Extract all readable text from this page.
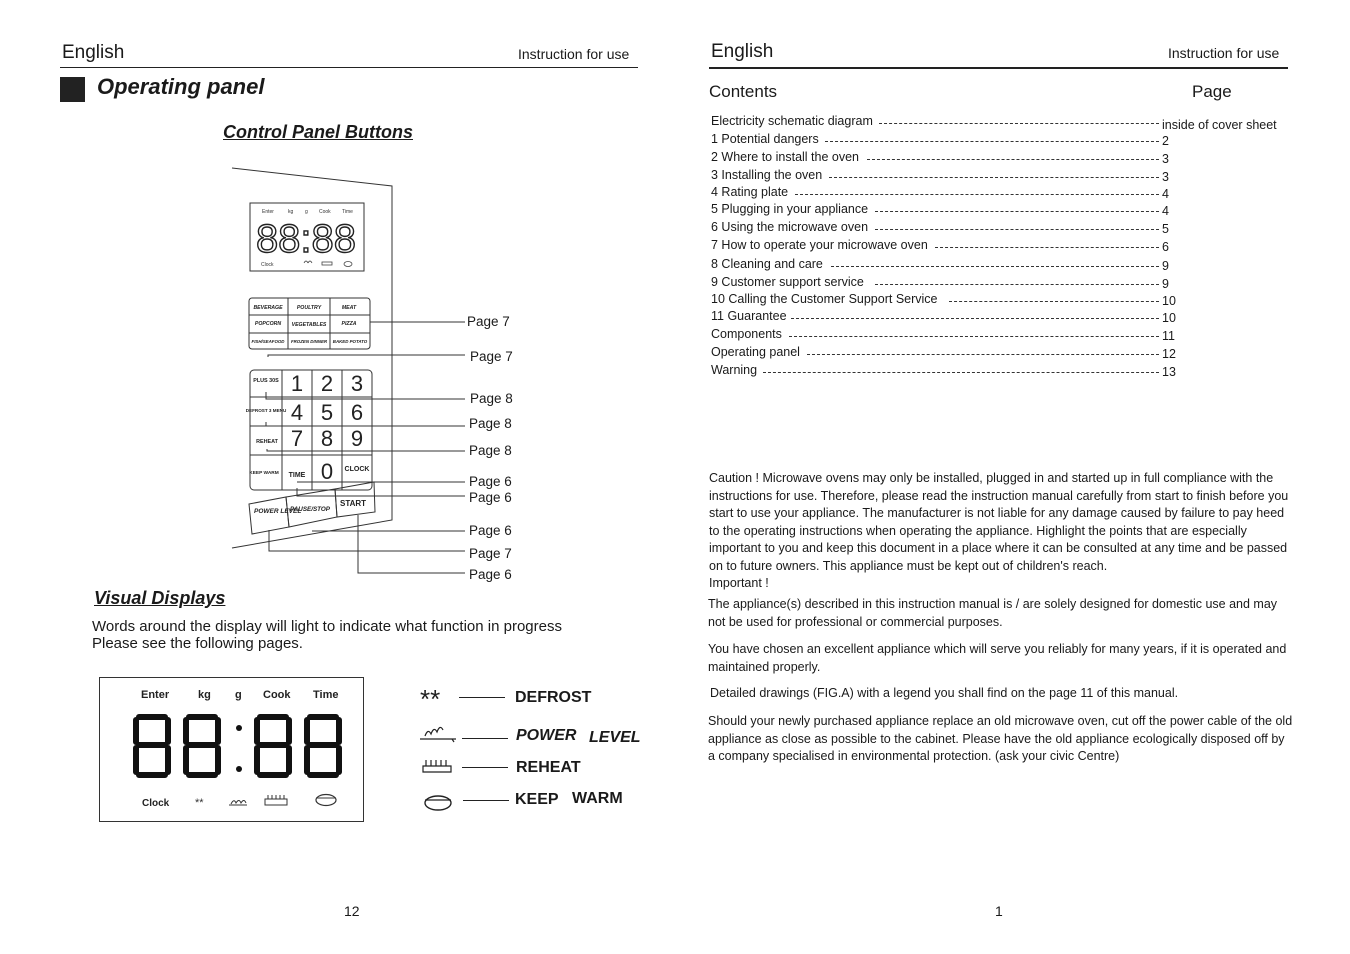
English	Instruction for use
Operating panel
Control Panel Buttons
Enter	kg g Cook Time
88:88
Clock
BEVERAGE	POULTRY	MEAT
POPCORN VEGETABLES	PIZZA
FISH/SEAFOOD FROZEN DINNER BAKED POTATO
PLUS 30S
DEFROST 3 MENU
REHEAT
KEEP WARM
1 2 3
4 5 6
7 8 9
0
TIME
CLOCK
POWER LEVEL
PAUSE/STOP
START
Page 7
Page 7
Page 8
Page 8
Page 8
Page 6
Page 6
Page 6
Page 7
Page 6
Visual Displays
Words around the display will light to indicate what function in progress
Please see the following pages.
Enter	kg g Cook Time
Clock **
**	DEFROST
POWER LEVEL
REHEAT
KEEP WARM
12
English	Instruction for use
Contents	Page
Electricity schematic diagram	inside of cover sheet
1 Potential dangers	2
2 Where to install the oven	3
3 Installing the oven	3
4 Rating plate	4
5 Plugging in your appliance	4
6 Using the microwave oven	5
7 How to operate your microwave oven	6
8 Cleaning and care	9
9 Customer support service	9
10 Calling the Customer Support Service	10
11 Guarantee	10
Components	11
Operating panel	12
Warning	13
Caution ! Microwave ovens may only be installed, plugged in and started up in full compliance with the instructions for use. Therefore, please read the instruction manual carefully from start to finish before you start to use your appliance. The manufacturer is not liable for any damage caused by failure to pay heed to the operating instructions when operating the appliance. Highlight the points that are especially important to you and keep this document in a place where it can be consulted at any time and be passed on to future owners. This appliance must be kept out of children's reach.
Important !
The appliance(s) described in this instruction manual is / are solely designed for domestic use and may not be used for professional or commercial purposes.
You have chosen an excellent appliance which will serve you reliably for many years, if it is operated and maintained properly.
Detailed drawings (FIG.A) with a legend you shall find on the page 11 of this manual.
Should your newly purchased appliance replace an old microwave oven, cut off the power cable of the old appliance as close as possible to the cabinet. Please have the old appliance ecologically disposed off by a company specialised in environmental protection. (ask your civic Centre)
1
